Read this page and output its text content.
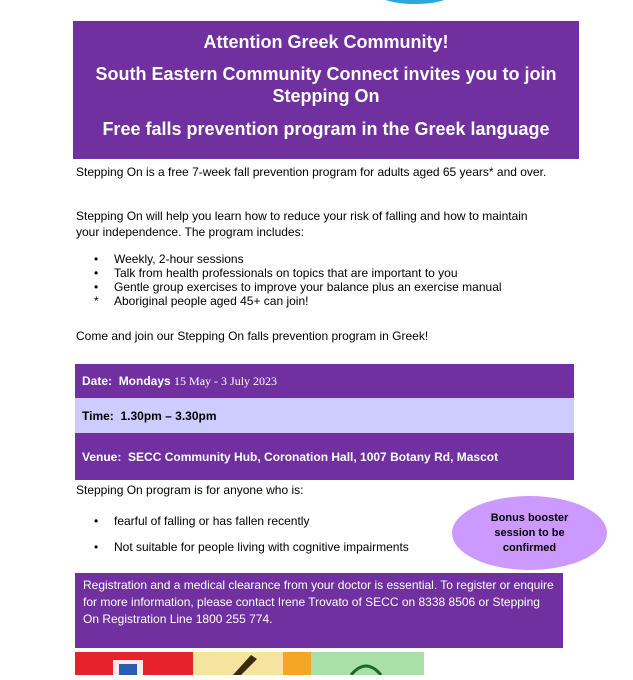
Attention Greek Community!
South Eastern Community Connect invites you to join Stepping On
Free falls prevention program in the Greek language
Stepping On is a free 7-week fall prevention program for adults aged 65 years* and over.
Stepping On will help you learn how to reduce your risk of falling and how to maintain your independence. The program includes:
• Weekly, 2-hour sessions
• Talk from health professionals on topics that are important to you
• Gentle group exercises to improve your balance plus an exercise manual
* Aboriginal people aged 45+ can join!
Come and join our Stepping On falls prevention program in Greek!
Date:
Mondays
15 May - 3 July 2023
Time:
1.30pm – 3.30pm
Venue:
SECC Community Hub, Coronation Hall, 1007 Botany Rd, Mascot
Stepping On program is for anyone who is:
• fearful of falling or has fallen recently
• Not suitable for people living with cognitive impairments
Bonus booster session to be confirmed
Registration and a medical clearance from your doctor is essential. To register or enquire for more information, please contact Irene Trovato of SECC on 8338 8506 or Stepping On Registration Line 1800 255 774.
